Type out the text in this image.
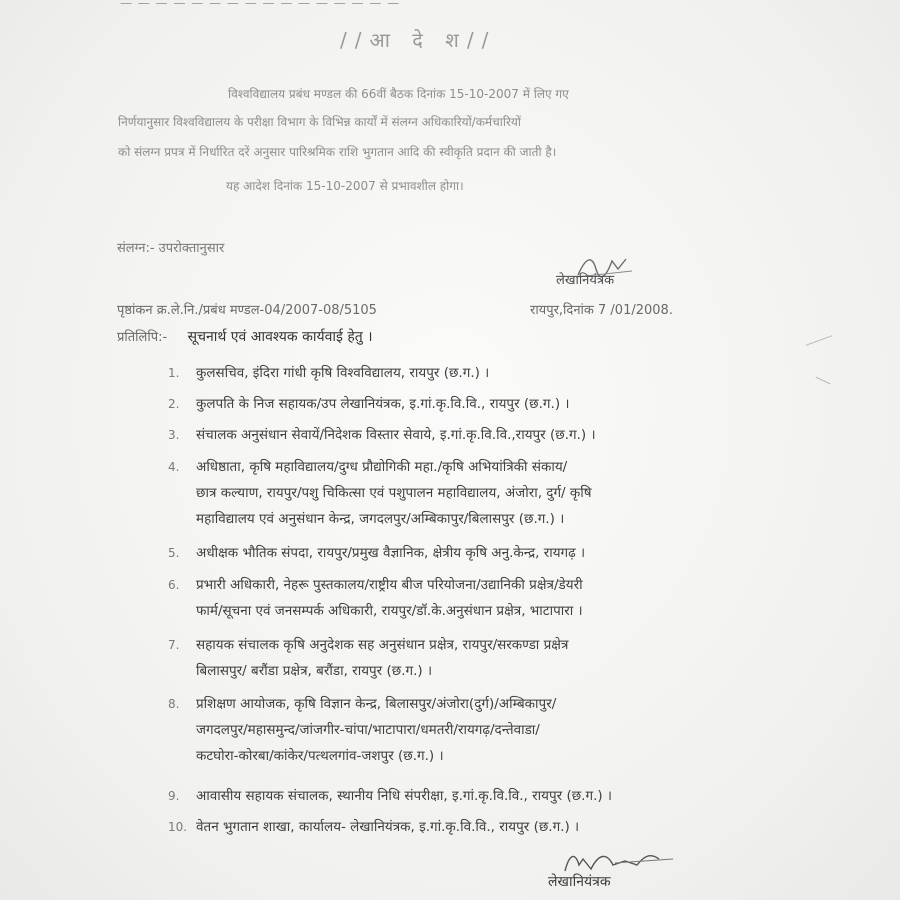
— — — — — — — — — — — — — — — —
//आ दे श//
विश्वविद्यालय प्रबंध मण्डल की 66वीं बैठक दिनांक 15-10-2007 में लिए गए
निर्णयानुसार विश्वविद्यालय के परीक्षा विभाग के विभिन्न कार्यों में संलग्न अधिकारियों/कर्मचारियों
को संलग्न प्रपत्र में निर्धारित दरें अनुसार पारिश्रमिक राशि भुगतान आदि की स्वीकृति प्रदान की जाती है।
यह आदेश दिनांक 15-10-2007 से प्रभावशील होगा।
संलग्न:- उपरोक्तानुसार
लेखानियंत्रक
पृष्ठांकन क्र.ले.नि./प्रबंध मण्डल-04/2007-08/5105	रायपुर,दिनांक 7 /01/2008.
प्रतिलिपि:- सूचनार्थ एवं आवश्यक कार्यवाई हेतु ।
1.	कुलसचिव, इंदिरा गांधी कृषि विश्वविद्यालय, रायपुर (छ.ग.) ।
2.	कुलपति के निज सहायक/उप लेखानियंत्रक, इ.गां.कृ.वि.वि., रायपुर (छ.ग.) ।
3.	संचालक अनुसंधान सेवायें/निदेशक विस्तार सेवाये, इ.गां.कृ.वि.वि.,रायपुर (छ.ग.) ।
4.	अधिष्ठाता, कृषि महाविद्यालय/दुग्ध प्रौद्योगिकी महा./कृषि अभियांत्रिकी संकाय/
छात्र कल्याण, रायपुर/पशु चिकित्सा एवं पशुपालन महाविद्यालय, अंजोरा, दुर्ग/ कृषि
महाविद्यालय एवं अनुसंधान केन्द्र, जगदलपुर/अम्बिकापुर/बिलासपुर (छ.ग.) ।
5.	अधीक्षक भौतिक संपदा, रायपुर/प्रमुख वैज्ञानिक, क्षेत्रीय कृषि अनु.केन्द्र, रायगढ़ ।
6.	प्रभारी अधिकारी, नेहरू पुस्तकालय/राष्ट्रीय बीज परियोजना/उद्यानिकी प्रक्षेत्र/डेयरी
फार्म/सूचना एवं जनसम्पर्क अधिकारी, रायपुर/डॉ.के.अनुसंधान प्रक्षेत्र, भाटापारा ।
7.	सहायक संचालक कृषि अनुदेशक सह अनुसंधान प्रक्षेत्र, रायपुर/सरकण्डा प्रक्षेत्र
बिलासपुर/ बरौंडा प्रक्षेत्र, बरौंडा, रायपुर (छ.ग.) ।
8.	प्रशिक्षण आयोजक, कृषि विज्ञान केन्द्र, बिलासपुर/अंजोरा(दुर्ग)/अम्बिकापुर/
जगदलपुर/महासमुन्द/जांजगीर-चांपा/भाटापारा/धमतरी/रायगढ़/दन्तेवाडा/
कटघोरा-कोरबा/कांकेर/पत्थलगांव-जशपुर (छ.ग.) ।
9.	आवासीय सहायक संचालक, स्थानीय निधि संपरीक्षा, इ.गां.कृ.वि.वि., रायपुर (छ.ग.) ।
10. वेतन भुगतान शाखा, कार्यालय- लेखानियंत्रक, इ.गां.कृ.वि.वि., रायपुर (छ.ग.) ।
लेखानियंत्रक
